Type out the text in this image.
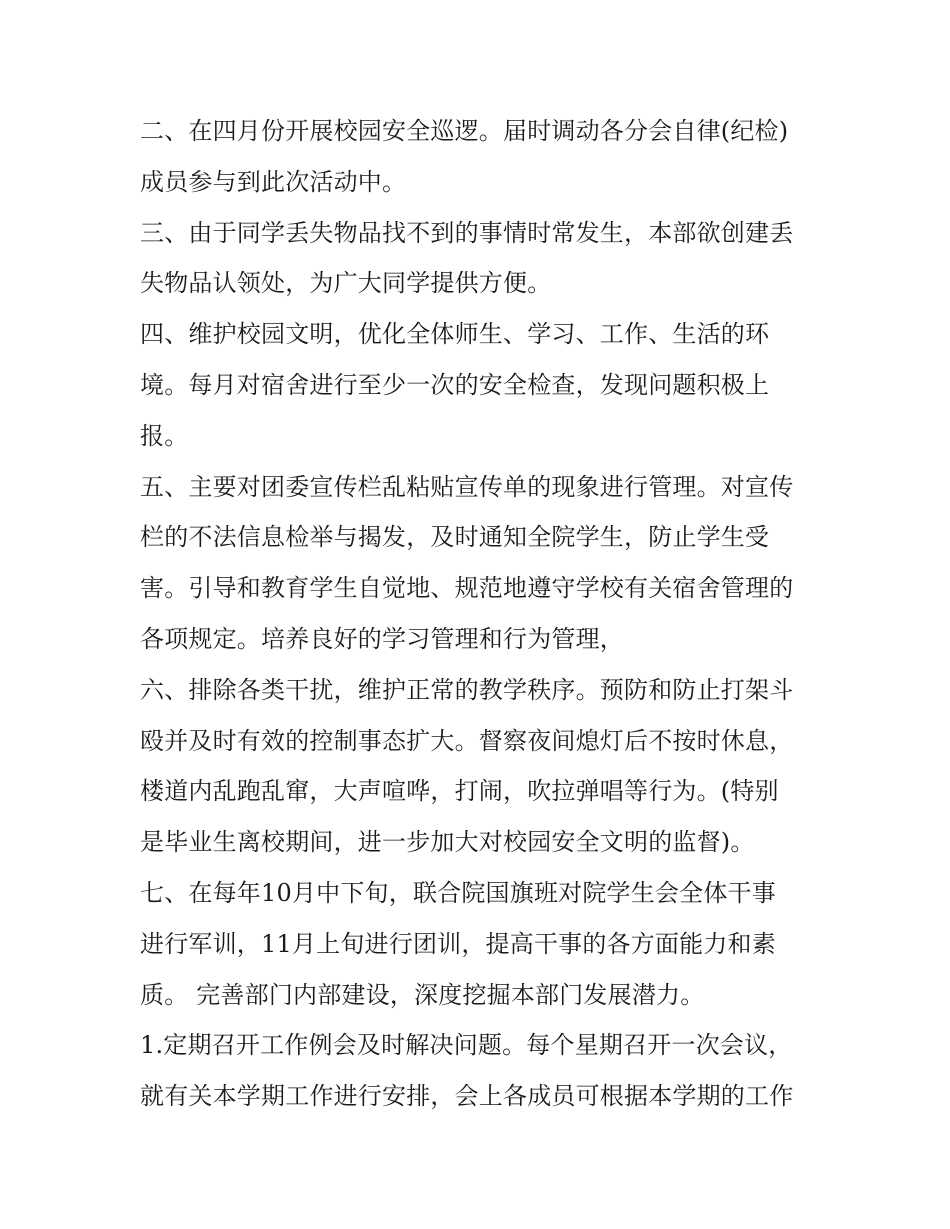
二、在四月份开展校园安全巡逻。届时调动各分会自律(纪检)
成员参与到此次活动中。
三、由于同学丢失物品找不到的事情时常发生，本部欲创建丢
失物品认领处，为广大同学提供方便。
四、维护校园文明，优化全体师生、学习、工作、生活的环
境。每月对宿舍进行至少一次的安全检查，发现问题积极上
报。
五、主要对团委宣传栏乱粘贴宣传单的现象进行管理。对宣传
栏的不法信息检举与揭发，及时通知全院学生，防止学生受
害。引导和教育学生自觉地、规范地遵守学校有关宿舍管理的
各项规定。培养良好的学习管理和行为管理，
六、排除各类干扰，维护正常的教学秩序。预防和防止打架斗
殴并及时有效的控制事态扩大。督察夜间熄灯后不按时休息，
楼道内乱跑乱窜，大声喧哗，打闹，吹拉弹唱等行为。(特别
是毕业生离校期间，进一步加大对校园安全文明的监督)。
七、在每年10月中下旬，联合院国旗班对院学生会全体干事
进行军训，11月上旬进行团训，提高干事的各方面能力和素
质。 完善部门内部建设，深度挖掘本部门发展潜力。
1.定期召开工作例会及时解决问题。每个星期召开一次会议，
就有关本学期工作进行安排，会上各成员可根据本学期的工作
